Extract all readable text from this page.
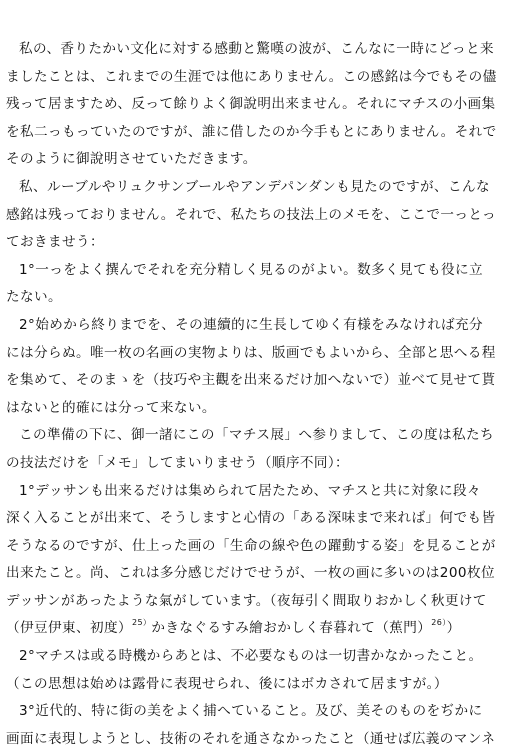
私の、香りたかい文化に対する感動と驚嘆の波が、こんなに一時にどっと来
ましたことは、これまでの生涯では他にありません。この感銘は今でもその儘
残って居ますため、反って餘りよく御說明出来ません。それにマチスの小画集
を私二っもっていたのですが、誰に借したのか今手もとにありません。それで
そのように御說明させていただきます。
私、ルーブルやリュクサンブールやアンデパンダンも見たのですが、こんな
感銘は残っておりません。それで、私たちの技法上のメモを、ここで一っとっ
ておきませう：
1°一っをよく撰んでそれを充分精しく見るのがよい。数多く見ても役に立
たない。
2°始めから終りまでを、その連續的に生長してゆく有様をみなければ充分
には分らぬ。唯一枚の名画の実物よりは、版画でもよいから、全部と思へる程
を集めて、そのまゝを（技巧や主觀を出来るだけ加へないで）並べて見せて貰
はないと的確には分って来ない。
この準備の下に、御一諸にこの「マチス展」へ参りまして、この度は私たち
の技法だけを「メモ」してまいりませう（順序不同）：
1°デッサンも出来るだけは集められて居たため、マチスと共に対象に段々
深く入ることが出来て、そうしますと心情の「ある深味まで来れば」何でも皆
そうなるのですが、仕上った画の「生命の線や色の躍動する姿」を見ることが
出来たこと。尚、これは多分感じだけでせうが、一枚の画に多いのは200枚位
デッサンがあったような氣がしています。（夜毎引く間取りおかしく秋更けて
（伊豆伊東、初度）$^{25)}$かきなぐるすみ繪おかしく春暮れて（蕉門）$^{26)}$）
2°マチスは或る時機からあとは、不必要なものは一切書かなかったこと。
（この思想は始めは露骨に表現せられ、後にはボカされて居ますが。）
3°近代的、特に街の美をよく捕へていること。及び、美そのものをぢかに
画面に表現しようとし、技術のそれを通さなかったこと（通せば広義のマンネ
